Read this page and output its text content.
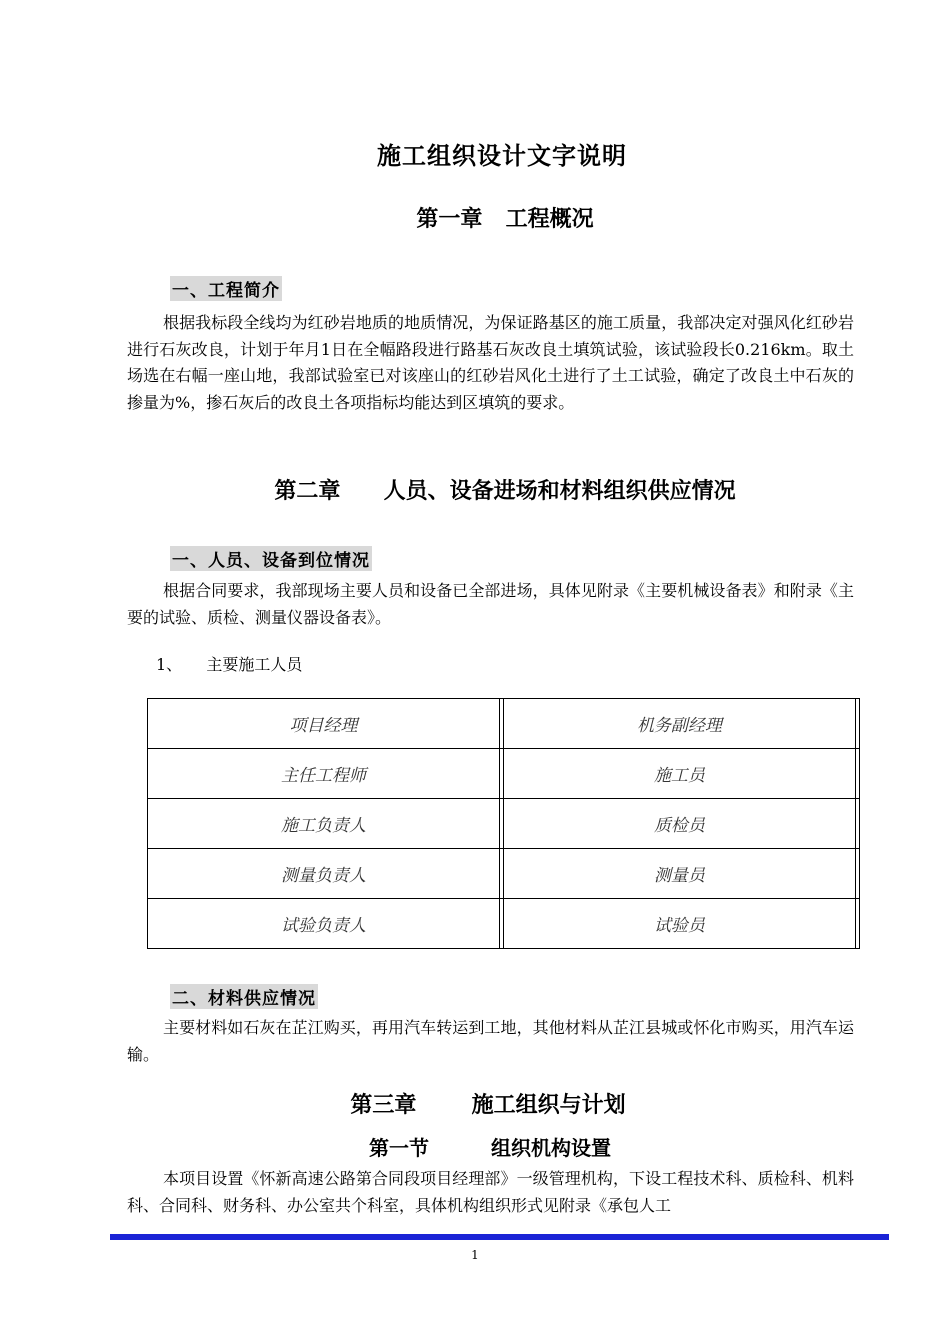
施工组织设计文字说明
第一章 工程概况
一、工程简介

根据我标段全线均为红砂岩地质的地质情况，为保证路基区的施工质量，我部决定对强风化红砂岩进行石灰改良，计划于年月1日在全幅路段进行路基石灰改良土填筑试验，该试验段长0.216km。取土场选在右幅一座山地，我部试验室已对该座山的红砂岩风化土进行了土工试验，确定了改良土中石灰的掺量为%，掺石灰后的改良土各项指标均能达到区填筑的要求。

第二章 人员、设备进场和材料组织供应情况
一、人员、设备到位情况

根据合同要求，我部现场主要人员和设备已全部进场，具体见附录《主要机械设备表》和附录《主要的试验、质检、测量仪器设备表》。

1、 主要施工人员
项目经理		机务副经理	
主任工程师		施工员	
施工负责人		质检员	
测量负责人		测量员	
试验负责人		试验员	
二、材料供应情况

主要材料如石灰在芷江购买，再用汽车转运到工地，其他材料从芷江县城或怀化市购买，用汽车运输。

第三章	施工组织与计划
第一节	组织机构设置

本项目设置《怀新高速公路第合同段项目经理部》一级管理机构，下设工程技术科、质检科、机料科、合同科、财务科、办公室共个科室，具体机构组织形式见附录《承包人工

1
